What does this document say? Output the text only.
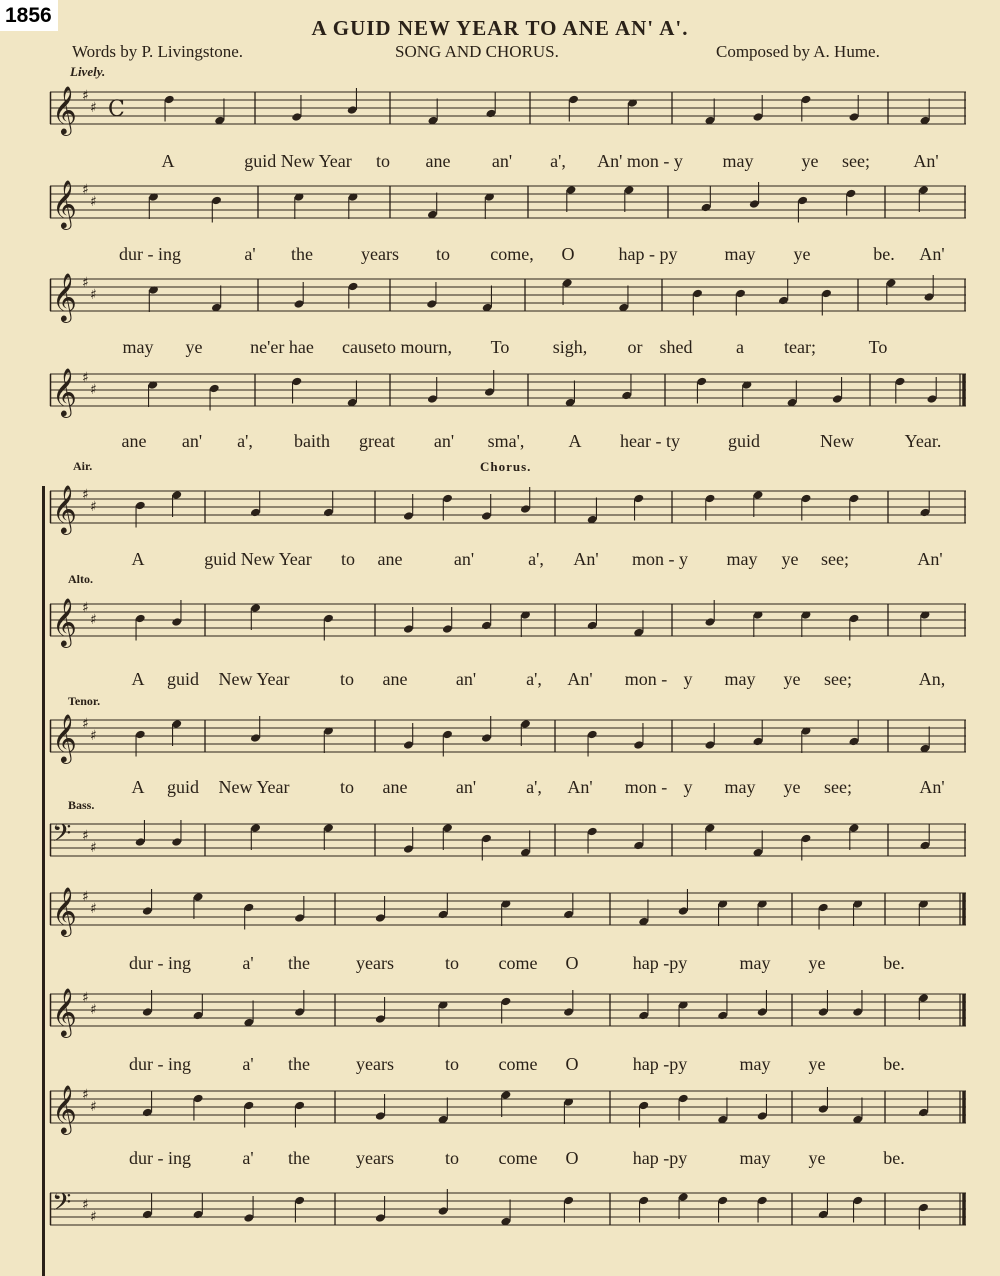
1856
A GUID NEW YEAR TO ANE AN' A'.
Words by P. Livingstone.	SONG AND CHORUS.	Composed by A. Hume.
Lively.
Chorus.
Air.
Alto.
Tenor.
Bass.
𝄞 ♯
♯ C
𝄞 ♯
♯
𝄞 ♯
♯
𝄞 ♯
♯
𝄞 ♯
♯
𝄞 ♯
♯
𝄞 ♯
♯
𝄢 ♯
♯
𝄞 ♯
♯
𝄞 ♯
♯
𝄞 ♯
♯
𝄢 ♯
♯
A	guid New Year to ane an' a', An' mon - y may	ye see; An'
dur - ing	a' the	years to come, O hap - py	may ye	be. An'
may ye	ne'er hae cause to mourn, To sigh, or shed a tear;	To
ane an' a', baith great an' sma', A hear - ty	guid	New	Year.
A	guid New Year to ane	an'	a', An' mon - y may ye see;	An'
A guid New Year	to ane	an'	a', An' mon - y may ye see;	An,
A guid New Year	to ane	an'	a', An' mon - y may ye see;	An'
dur - ing	a' the	years	to come O	hap -py	may ye	be.
dur - ing	a' the	years	to come O	hap -py	may ye	be.
dur - ing	a' the	years	to come O	hap -py	may ye	be.
